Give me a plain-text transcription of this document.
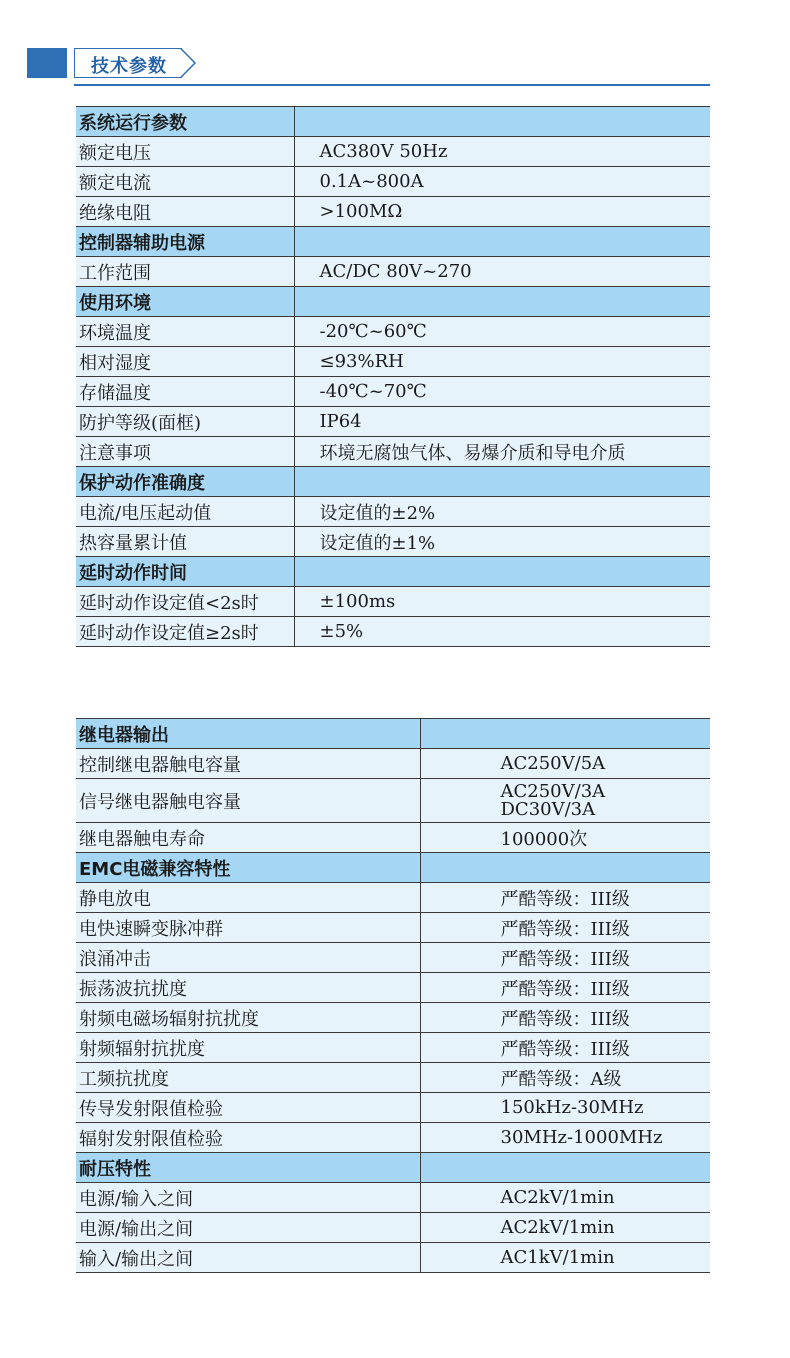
技术参数
系统运行参数	
额定电压	AC380V 50Hz
额定电流	0.1A~800A
绝缘电阻	>100MΩ
控制器辅助电源	
工作范围	AC/DC 80V~270
使用环境	
环境温度	-20℃~60℃
相对湿度	≤93%RH
存储温度	-40℃~70℃
防护等级(面框)	IP64
注意事项	环境无腐蚀气体、易爆介质和导电介质
保护动作准确度	
电流/电压起动值	设定值的±2%
热容量累计值	设定值的±1%
延时动作时间	
延时动作设定值<2s时	±100ms
延时动作设定值≥2s时	±5%
继电器输出	
控制继电器触电容量	AC250V/5A
信号继电器触电容量	AC250V/3A
DC30V/3A

继电器触电寿命	100000次
EMC电磁兼容特性	
静电放电	严酷等级：III级
电快速瞬变脉冲群	严酷等级：III级
浪涌冲击	严酷等级：III级
振荡波抗扰度	严酷等级：III级
射频电磁场辐射抗扰度	严酷等级：III级
射频辐射抗扰度	严酷等级：III级
工频抗扰度	严酷等级：A级
传导发射限值检验	150kHz-30MHz
辐射发射限值检验	30MHz-1000MHz
耐压特性	
电源/输入之间	AC2kV/1min
电源/输出之间	AC2kV/1min
输入/输出之间	AC1kV/1min
